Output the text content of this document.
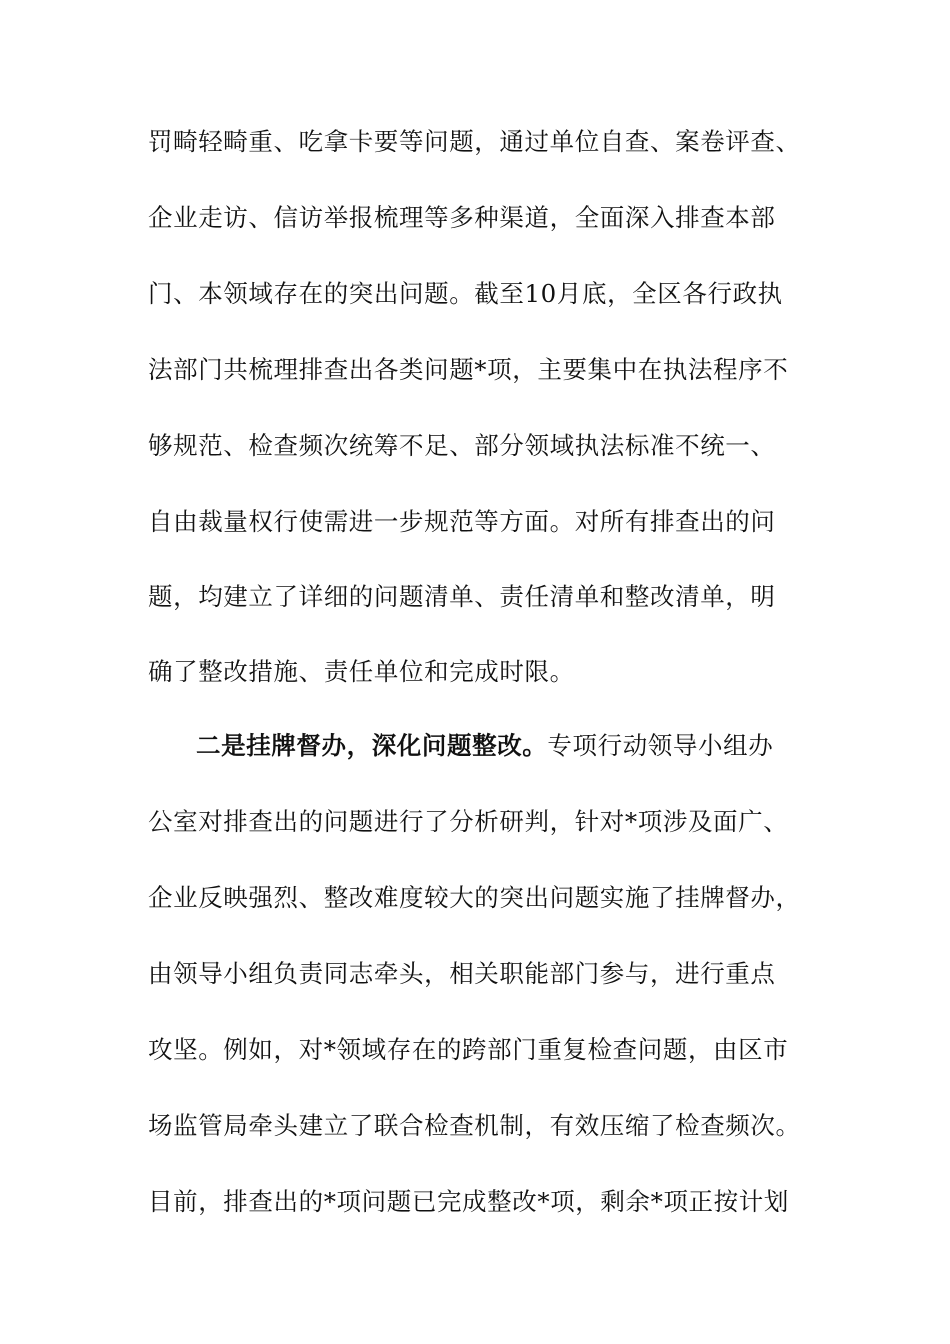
罚畸轻畸重、吃拿卡要等问题，通过单位自查、案卷评查、
企业走访、信访举报梳理等多种渠道，全面深入排查本部
门、本领域存在的突出问题。截至10月底，全区各行政执
法部门共梳理排查出各类问题*项，主要集中在执法程序不
够规范、检查频次统筹不足、部分领域执法标准不统一、
自由裁量权行使需进一步规范等方面。对所有排查出的问
题，均建立了详细的问题清单、责任清单和整改清单，明
确了整改措施、责任单位和完成时限。
二是挂牌督办，深化问题整改。专项行动领导小组办
公室对排查出的问题进行了分析研判，针对*项涉及面广、
企业反映强烈、整改难度较大的突出问题实施了挂牌督办，
由领导小组负责同志牵头，相关职能部门参与，进行重点
攻坚。例如，对*领域存在的跨部门重复检查问题，由区市
场监管局牵头建立了联合检查机制，有效压缩了检查频次。
目前，排查出的*项问题已完成整改*项，剩余*项正按计划
